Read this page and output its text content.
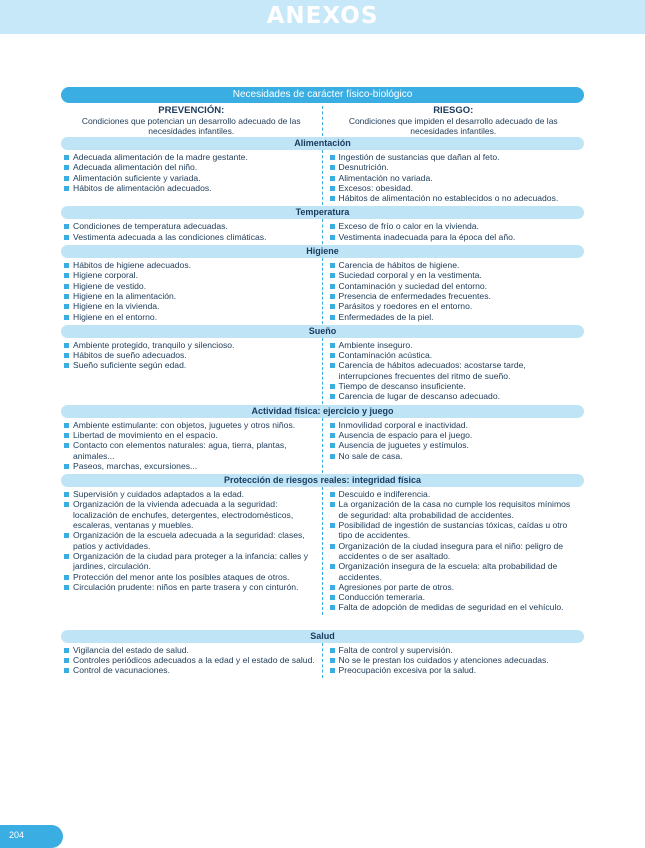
ANEXOS
Necesidades de carácter físico-biológico
PREVENCIÓN:
Condiciones que potencian un desarrollo adecuado de las necesidades infantiles.
RIESGO:
Condiciones que impiden el desarrollo adecuado de las necesidades infantiles.
Alimentación
Adecuada alimentación de la madre gestante.
Adecuada alimentación del niño.
Alimentación suficiente y variada.
Hábitos de alimentación adecuados.
Ingestión de sustancias que dañan al feto.
Desnutrición.
Alimentación no variada.
Excesos: obesidad.
Hábitos de alimentación no establecidos o no adecuados.
Temperatura
Condiciones de temperatura adecuadas.
Vestimenta adecuada a las condiciones climáticas.
Exceso de frío o calor en la vivienda.
Vestimenta inadecuada para la época del año.
Higiene
Hábitos de higiene adecuados.
Higiene corporal.
Higiene de vestido.
Higiene en la alimentación.
Higiene en la vivienda.
Higiene en el entorno.
Carencia de hábitos de higiene.
Suciedad corporal y en la vestimenta.
Contaminación y suciedad del entorno.
Presencia de enfermedades frecuentes.
Parásitos y roedores en el entorno.
Enfermedades de la piel.
Sueño
Ambiente protegido, tranquilo y silencioso.
Hábitos de sueño adecuados.
Sueño suficiente según edad.
Ambiente inseguro.
Contaminación acústica.
Carencia de hábitos adecuados: acostarse tarde, interrupciones frecuentes del ritmo de sueño.
Tiempo de descanso insuficiente.
Carencia de lugar de descanso adecuado.
Actividad física: ejercicio y juego
Ambiente estimulante: con objetos, juguetes y otros niños.
Libertad de movimiento en el espacio.
Contacto con elementos naturales: agua, tierra, plantas, animales...
Paseos, marchas, excursiones...
Inmovilidad corporal e inactividad.
Ausencia de espacio para el juego.
Ausencia de juguetes y estímulos.
No sale de casa.
Protección de riesgos reales: integridad física
Supervisión y cuidados adaptados a la edad.
Organización de la vivienda adecuada a la seguridad: localización de enchufes, detergentes, electrodomésticos, escaleras, ventanas y muebles.
Organización de la escuela adecuada a la seguridad: clases, patios y actividades.
Organización de la ciudad para proteger a la infancia: calles y jardines, circulación.
Protección del menor ante los posibles ataques de otros.
Circulación prudente: niños en parte trasera y con cinturón.
Descuido e indiferencia.
La organización de la casa no cumple los requisitos mínimos de seguridad: alta probabilidad de accidentes.
Posibilidad de ingestión de sustancias tóxicas, caídas u otro tipo de accidentes.
Organización de la ciudad insegura para el niño: peligro de accidentes o de ser asaltado.
Organización insegura de la escuela: alta probabilidad de accidentes.
Agresiones por parte de otros.
Conducción temeraria.
Falta de adopción de medidas de seguridad en el vehículo.
Salud
Vigilancia del estado de salud.
Controles periódicos adecuados a la edad y el estado de salud.
Control de vacunaciones.
Falta de control y supervisión.
No se le prestan los cuidados y atenciones adecuadas.
Preocupación excesiva por la salud.
204
